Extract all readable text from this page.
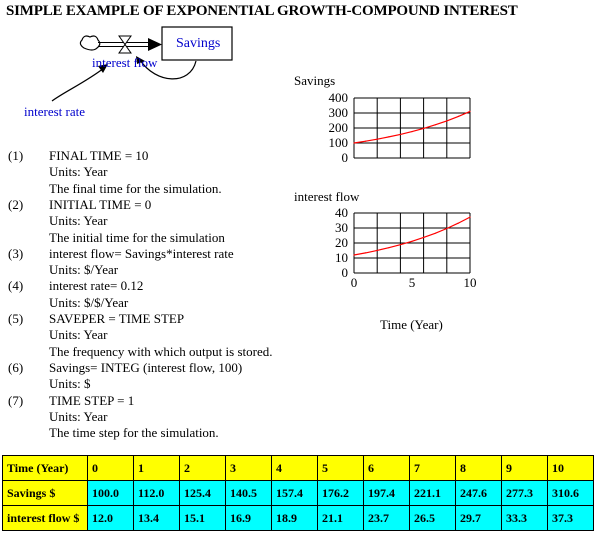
SIMPLE EXAMPLE OF EXPONENTIAL GROWTH-COMPOUND INTEREST
Savings
interest flow
interest rate
(1) FINAL TIME = 10
Units: Year
The final time for the simulation.
(2) INITIAL TIME = 0
Units: Year
The initial time for the simulation
(3) interest flow= Savings*interest rate
Units: $/Year
(4) interest rate= 0.12
Units: $/$/Year
(5) SAVEPER = TIME STEP
Units: Year
The frequency with which output is stored.
(6) Savings= INTEG (interest flow, 100)
Units: $
(7) TIME STEP = 1
Units: Year
The time step for the simulation.
Savings
interest flow
Time (Year)
400
300
200
100
0
40
30
20
10
0
0	5	10
Time (Year)	0	1	2	3	4	5	6	7	8	9	10
Savings $	100.0	112.0	125.4	140.5	157.4	176.2	197.4	221.1	247.6	277.3	310.6
interest flow $	12.0	13.4	15.1	16.9	18.9	21.1	23.7	26.5	29.7	33.3	37.3
